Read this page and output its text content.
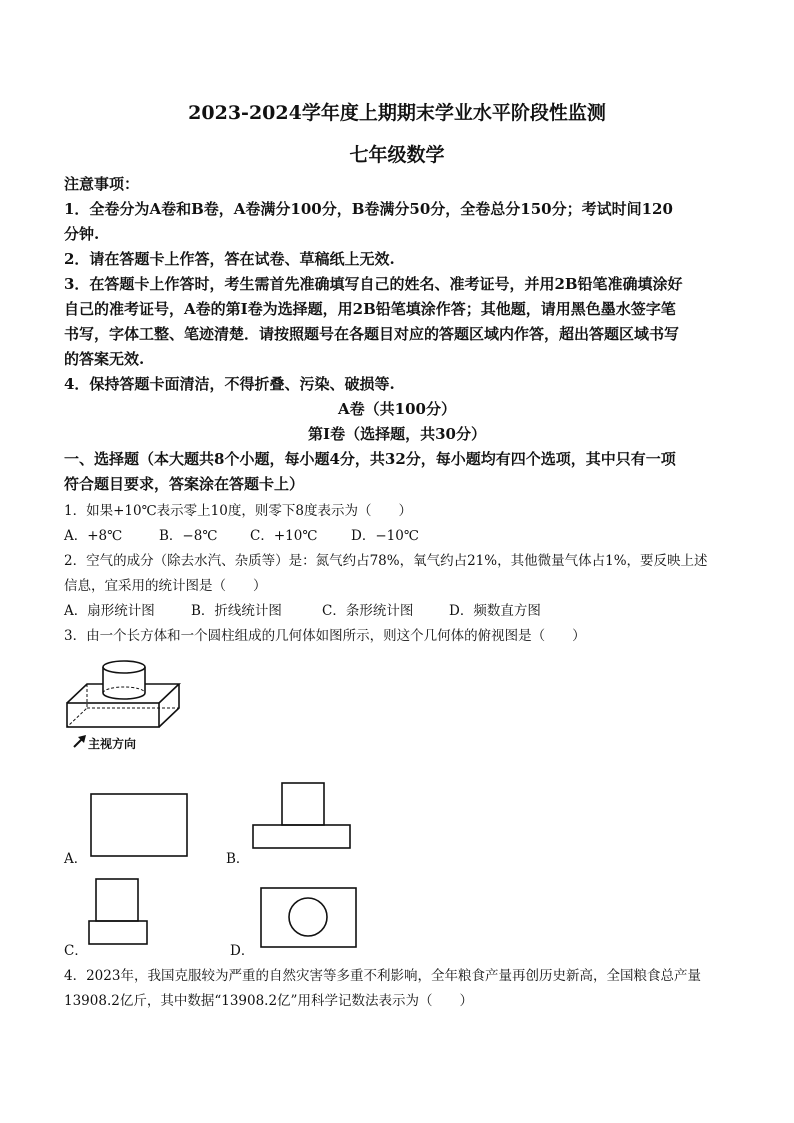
2023-2024学年度上期期末学业水平阶段性监测
七年级数学
注意事项：
1．全卷分为A卷和B卷，A卷满分100分，B卷满分50分，全卷总分150分；考试时间120
分钟.
2．请在答题卡上作答，答在试卷、草稿纸上无效.
3．在答题卡上作答时，考生需首先准确填写自己的姓名、准考证号，并用2B铅笔准确填涂好
自己的准考证号，A卷的第Ⅰ卷为选择题，用2B铅笔填涂作答；其他题，请用黑色墨水签字笔
书写，字体工整、笔迹清楚．请按照题号在各题目对应的答题区域内作答，超出答题区域书写
的答案无效.
4．保持答题卡面清洁，不得折叠、污染、破损等.
A卷（共100分）
第Ⅰ卷（选择题，共30分）
一、选择题（本大题共8个小题，每小题4分，共32分，每小题均有四个选项，其中只有一项
符合题目要求，答案涂在答题卡上）
1．如果+10℃表示零上10度，则零下8度表示为（　　）
A．+8℃	B．−8℃ C．+10℃ D．−10℃
2．空气的成分（除去水汽、杂质等）是：氮气约占78%，氧气约占21%，其他微量气体占1%，要反映上述
信息，宜采用的统计图是（　　）
A．扇形统计图	B．折线统计图	C．条形统计图	D．频数直方图
3．由一个长方体和一个圆柱组成的几何体如图所示，则这个几何体的俯视图是（　　）
主视方向
A．	B．
C．	D．
4．2023年，我国克服较为严重的自然灾害等多重不利影响，全年粮食产量再创历史新高，全国粮食总产量
13908.2亿斤，其中数据“13908.2亿”用科学记数法表示为（　　）
